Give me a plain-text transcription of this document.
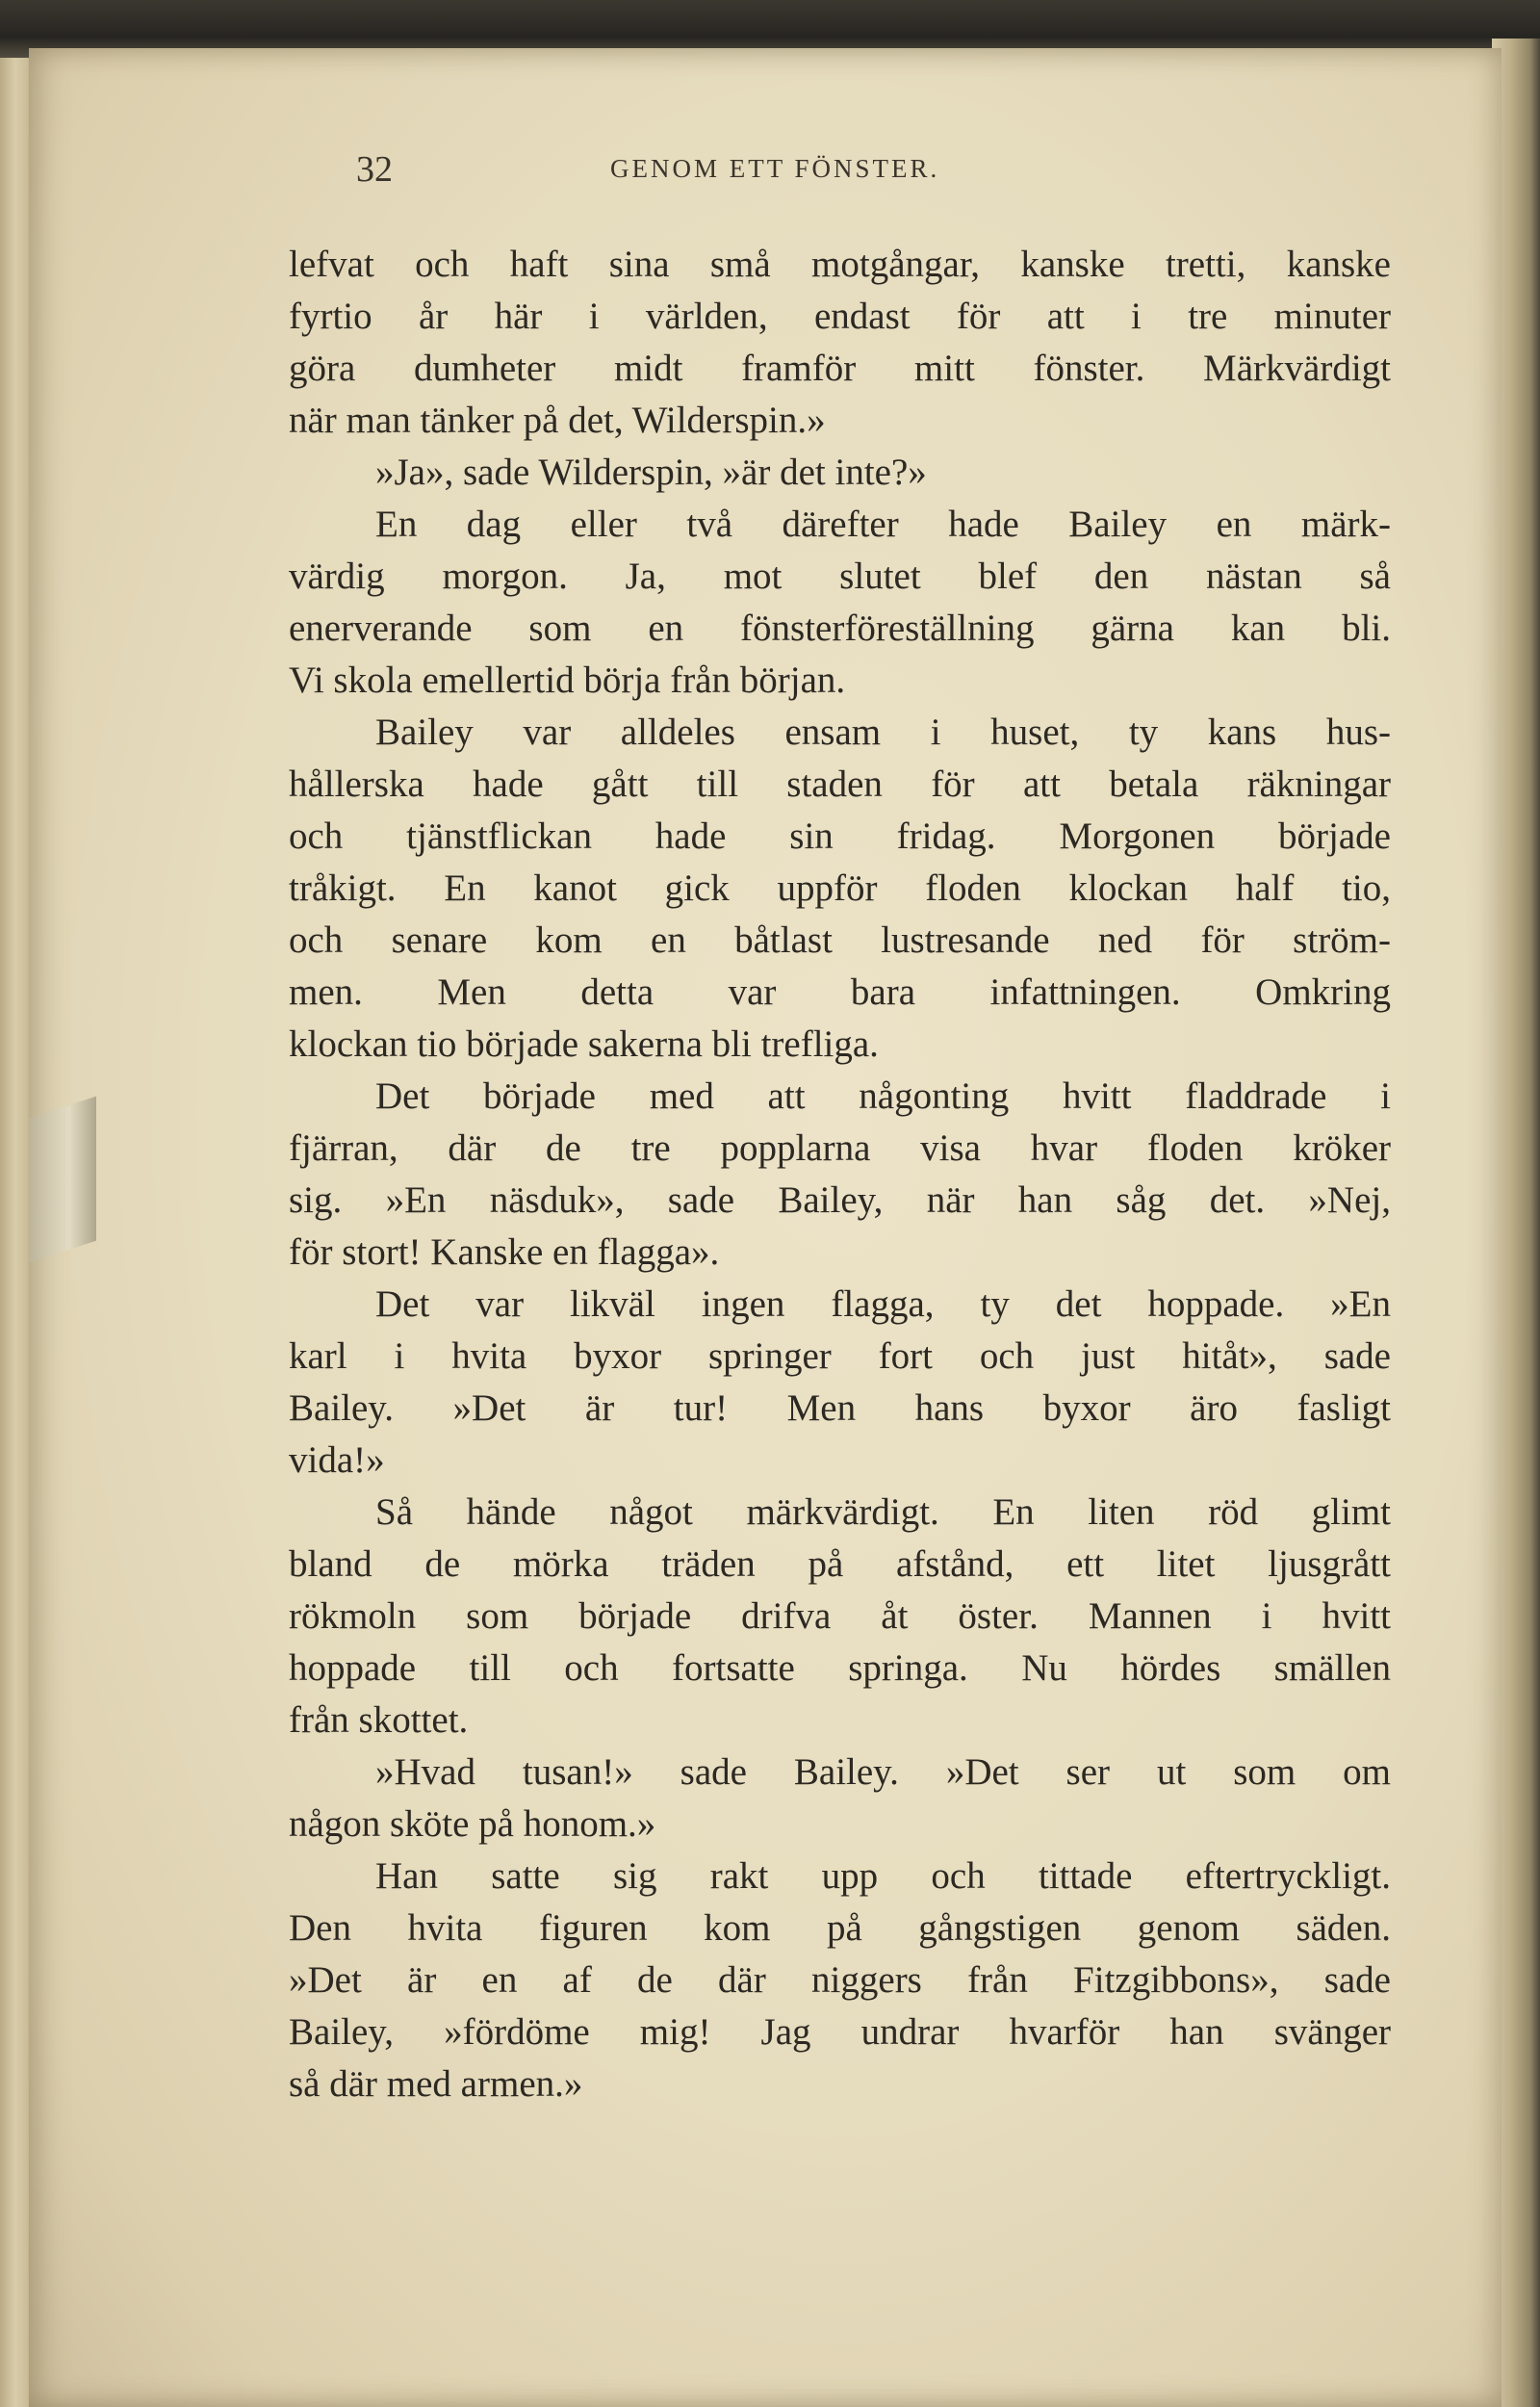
32	GENOM ETT FÖNSTER.
lefvat och haft sina små motgångar, kanske tretti, kanske
fyrtio år här i världen, endast för att i tre minuter
göra dumheter midt framför mitt fönster. Märkvärdigt
när man tänker på det, Wilderspin.»
»Ja», sade Wilderspin, »är det inte?»
En dag eller två därefter hade Bailey en märk-
värdig morgon. Ja, mot slutet blef den nästan så
enerverande som en fönsterföreställning gärna kan bli.
Vi skola emellertid börja från början.
Bailey var alldeles ensam i huset, ty kans hus-
hållerska hade gått till staden för att betala räkningar
och tjänstflickan hade sin fridag. Morgonen började
tråkigt. En kanot gick uppför floden klockan half tio,
och senare kom en båtlast lustresande ned för ström-
men. Men detta var bara infattningen. Omkring
klockan tio började sakerna bli trefliga.
Det började med att någonting hvitt fladdrade i
fjärran, där de tre popplarna visa hvar floden kröker
sig. »En näsduk», sade Bailey, när han såg det. »Nej,
för stort! Kanske en flagga».
Det var likväl ingen flagga, ty det hoppade. »En
karl i hvita byxor springer fort och just hitåt», sade
Bailey. »Det är tur! Men hans byxor äro fasligt
vida!»
Så hände något märkvärdigt. En liten röd glimt
bland de mörka träden på afstånd, ett litet ljusgrått
rökmoln som började drifva åt öster. Mannen i hvitt
hoppade till och fortsatte springa. Nu hördes smällen
från skottet.
»Hvad tusan!» sade Bailey. »Det ser ut som om
någon sköte på honom.»
Han satte sig rakt upp och tittade eftertryckligt.
Den hvita figuren kom på gångstigen genom säden.
»Det är en af de där niggers från Fitzgibbons», sade
Bailey, »fördöme mig! Jag undrar hvarför han svänger
så där med armen.»
